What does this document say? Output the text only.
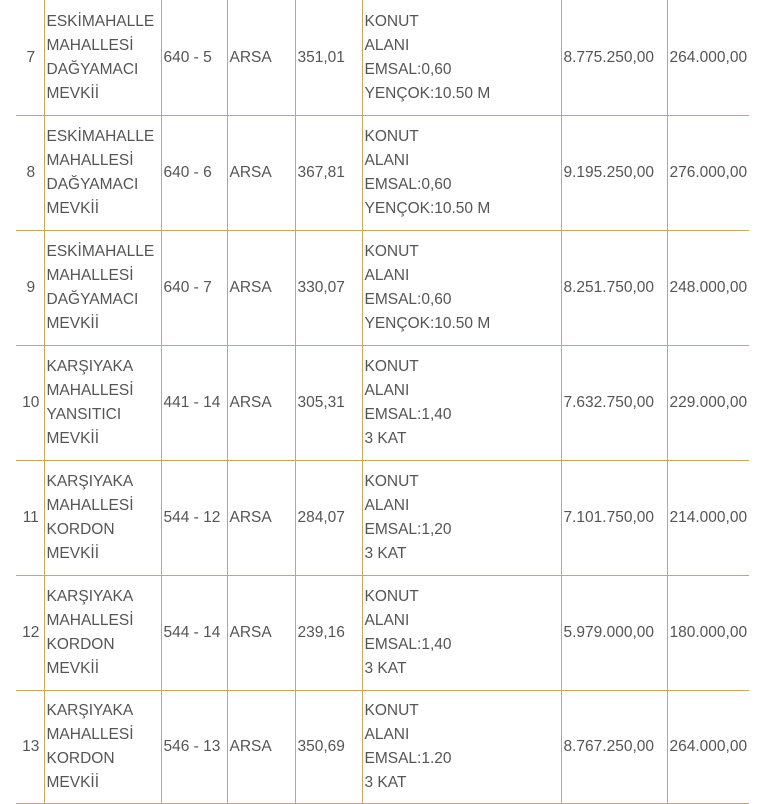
7	ESKİMAHALLE
MAHALLESİ
DAĞYAMACI
MEVKİİ	640 - 5	ARSA	351,01	KONUT
ALANI
EMSAL:0,60
YENÇOK:10.50 M	8.775.250,00	264.000,00
8	ESKİMAHALLE
MAHALLESİ
DAĞYAMACI
MEVKİİ	640 - 6	ARSA	367,81	KONUT
ALANI
EMSAL:0,60
YENÇOK:10.50 M	9.195.250,00	276.000,00
9	ESKİMAHALLE
MAHALLESİ
DAĞYAMACI
MEVKİİ	640 - 7	ARSA	330,07	KONUT
ALANI
EMSAL:0,60
YENÇOK:10.50 M	8.251.750,00	248.000,00
10	KARŞIYAKA
MAHALLESİ
YANSITICI
MEVKİİ	441 - 14	ARSA	305,31	KONUT
ALANI
EMSAL:1,40
3 KAT	7.632.750,00	229.000,00
11	KARŞIYAKA
MAHALLESİ
KORDON
MEVKİİ	544 - 12	ARSA	284,07	KONUT
ALANI
EMSAL:1,20
3 KAT	7.101.750,00	214.000,00
12	KARŞIYAKA
MAHALLESİ
KORDON
MEVKİİ	544 - 14	ARSA	239,16	KONUT
ALANI
EMSAL:1,40
3 KAT	5.979.000,00	180.000,00
13	KARŞIYAKA
MAHALLESİ
KORDON
MEVKİİ	546 - 13	ARSA	350,69	KONUT
ALANI
EMSAL:1.20
3 KAT	8.767.250,00	264.000,00
